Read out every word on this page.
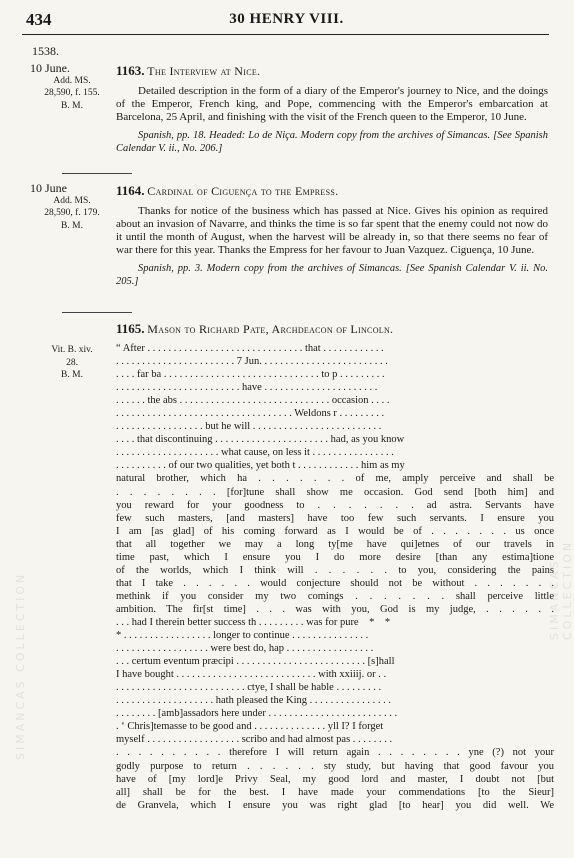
434	30 HENRY VIII.
1538.
10 June.
Add. MS.
28,590, f. 155.
B. M.

1163. The Interview at Nice.

Detailed description in the form of a diary of the Emperor's journey to Nice, and the doings of the Emperor, French king, and Pope, commencing with the Emperor's embarcation at Barcelona, 25 April, and finishing with the visit of the French queen to the Emperor, 10 June.

Spanish, pp. 18. Headed: Lo de Niça. Modern copy from the archives of Simancas. [See Spanish Calendar V. ii., No. 206.]

10 June
Add. MS.
28,590, f. 179.
B. M.

1164. Cardinal of Ciguença to the Empress.

Thanks for notice of the business which has passed at Nice. Gives his opinion as required about an invasion of Navarre, and thinks the time is so far spent that the enemy could not now do it until the month of August, when the harvest will be already in, so that there seems no fear of war there for this year. Thanks the Empress for her favour to Juan Vazquez. Ciguença, 10 June.

Spanish, pp. 3. Modern copy from the archives of Simancas. [See Spanish Calendar V. ii. No. 205.]

1165. Mason to Richard Pate, Archdeacon of Lincoln.

Vit. B. xiv.
28.
B. M.
“ After . . . . . . . . . . . . . . . . . . . . . . . . . . . . . . that . . . . . . . . . . . .
. . . . . . . . . . . . . . . . . . . . . . . 7 Jun. . . . . . . . . . . . . . . . . . . . . . . . .
. . . . far ba . . . . . . . . . . . . . . . . . . . . . . . . . . . . . . to p . . . . . . . . .
. . . . . . . . . . . . . . . . . . . . . . . . have . . . . . . . . . . . . . . . . . . . . . .
. . . . . . the abs . . . . . . . . . . . . . . . . . . . . . . . . . . . . . occasion . . . .
. . . . . . . . . . . . . . . . . . . . . . . . . . . . . . . . . . Weldons r . . . . . . . . .
. . . . . . . . . . . . . . . . . but he will . . . . . . . . . . . . . . . . . . . . . . . . .
. . . . that discontinuing . . . . . . . . . . . . . . . . . . . . . . had, as you know
. . . . . . . . . . . . . . . . . . . . what cause, on less it . . . . . . . . . . . . . . . .
. . . . . . . . . . of our two qualities, yet both t . . . . . . . . . . . . him as my
natural brother, which ha . . . . . . . of me, amply perceive and shall be
. . . . . . . . [for]tune shall show me occasion. God send [both him] and
you reward for your goodness to . . . . . . . ad astra. Servants have
few such masters, [and masters] have too few such servants. I ensure you
I am [as glad] of his coming forward as I would be of . . . . . . . us once
that all together we may a long ty[me have qui]etnes of our travels in
time past, which I ensure you I do more desire [than any estima]tione
of the worlds, which I think will . . . . . . to you, considering the pains
that I take . . . . . . would conjecture should not be without . . . . . . .
methink if you consider my two comings . . . . . . . shall perceive little
ambition. The fir[st time] . . . was with you, God is my judge, . . . . . .
. . . had I therein better success th . . . . . . . . . was for pure    *    *
* . . . . . . . . . . . . . . . . . longer to continue . . . . . . . . . . . . . . .
. . . . . . . . . . . . . . . . . . were best do, hap . . . . . . . . . . . . . . . . .
. . . certum eventum præcipi . . . . . . . . . . . . . . . . . . . . . . . . . [s]hall
I have bought . . . . . . . . . . . . . . . . . . . . . . . . . . . with xxiiij. or . .
. . . . . . . . . . . . . . . . . . . . . . . . . ctye, I shall be hable . . . . . . . . .
. . . . . . . . . . . . . . . . . . . hath pleased the King . . . . . . . . . . . . . . . .
. . . . . . . . [amb]assadors here under . . . . . . . . . . . . . . . . . . . . . . . . .
. ‘ Chris]temasse to be good and . . . . . . . . . . . . . . yll I? I forget
myself . . . . . . . . . . . . . . . . . . scribo and had almost pas . . . . . . . .
. . . . . . . . . . therefore I will return again . . . . . . . . yne (?) not your
godly purpose to return . . . . . . sty study, but having that good favour you
have of [my lord]e Privy Seal, my good lord and master, I doubt not [but
all] shall be for the best. I have made your commendations [to the Sieur]
de Granvela, which I ensure you was right glad [to hear] you did well. We
SIMANCAS COLLECTION	SIMANCAS COLLECTION
